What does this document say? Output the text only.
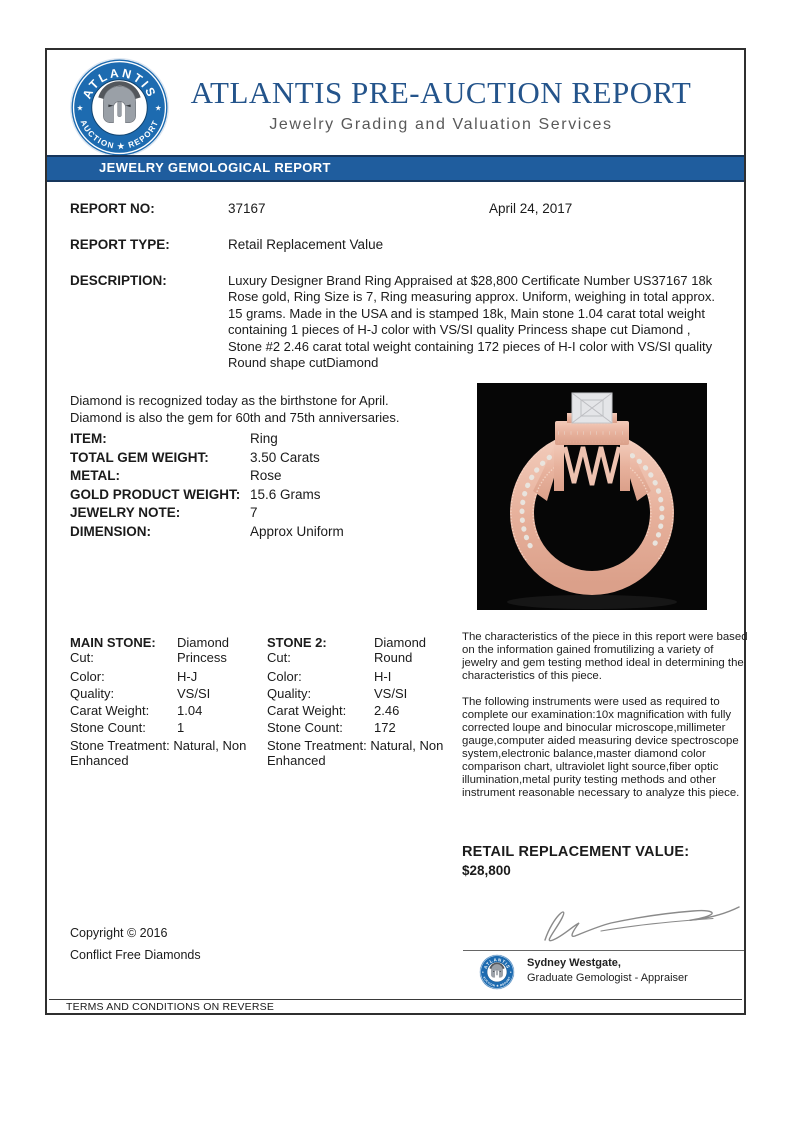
ATLANTIS PRE-AUCTION REPORT
Jewelry Grading and Valuation Services
JEWELRY GEMOLOGICAL REPORT
REPORT NO:	37167	April 24, 2017
REPORT TYPE:	Retail Replacement Value
DESCRIPTION:	Luxury Designer Brand Ring Appraised at $28,800 Certificate Number US37167 18k Rose gold, Ring Size is 7, Ring measuring approx. Uniform, weighing in total approx. 15 grams. Made in the USA and is stamped 18k, Main stone 1.04 carat total weight containing 1 pieces of H-J color with VS/SI quality Princess shape cut Diamond , Stone #2 2.46 carat total weight containing 172 pieces of H-I color with VS/SI quality Round shape cutDiamond
Diamond is recognized today as the birthstone for April.
Diamond is also the gem for 60th and 75th anniversaries.
ITEM:	Ring
TOTAL GEM WEIGHT:	3.50 Carats
METAL:	Rose
GOLD PRODUCT WEIGHT: 15.6 Grams
JEWELRY NOTE:	7
DIMENSION:	Approx Uniform
MAIN STONE: Diamond
Cut:	Princess
Color:	H-J
Quality:	VS/SI
Carat Weight: 1.04
Stone Count: 1
Stone Treatment: Natural, Non Enhanced
STONE 2:	Diamond
Cut:	Round
Color:	H-I
Quality:	VS/SI
Carat Weight: 2.46
Stone Count: 172
Stone Treatment: Natural, Non Enhanced

The characteristics of the piece in this report were based on the information gained fromutilizing a variety of jewelry and gem testing method ideal in determining the characteristics of this piece.

The following instruments were used as required to complete our examination:10x magnification with fully corrected loupe and binocular microscope,millimeter gauge,computer aided measuring device spectroscope system,electronic balance,master diamond color comparison chart, ultraviolet light source,fiber optic illumination,metal purity testing methods and other instrument reasonable necessary to analyze this piece.

RETAIL REPLACEMENT VALUE:
$28,800
Copyright © 2016
Conflict Free Diamonds
Sydney Westgate,
Graduate Gemologist - Appraiser
TERMS AND CONDITIONS ON REVERSE
